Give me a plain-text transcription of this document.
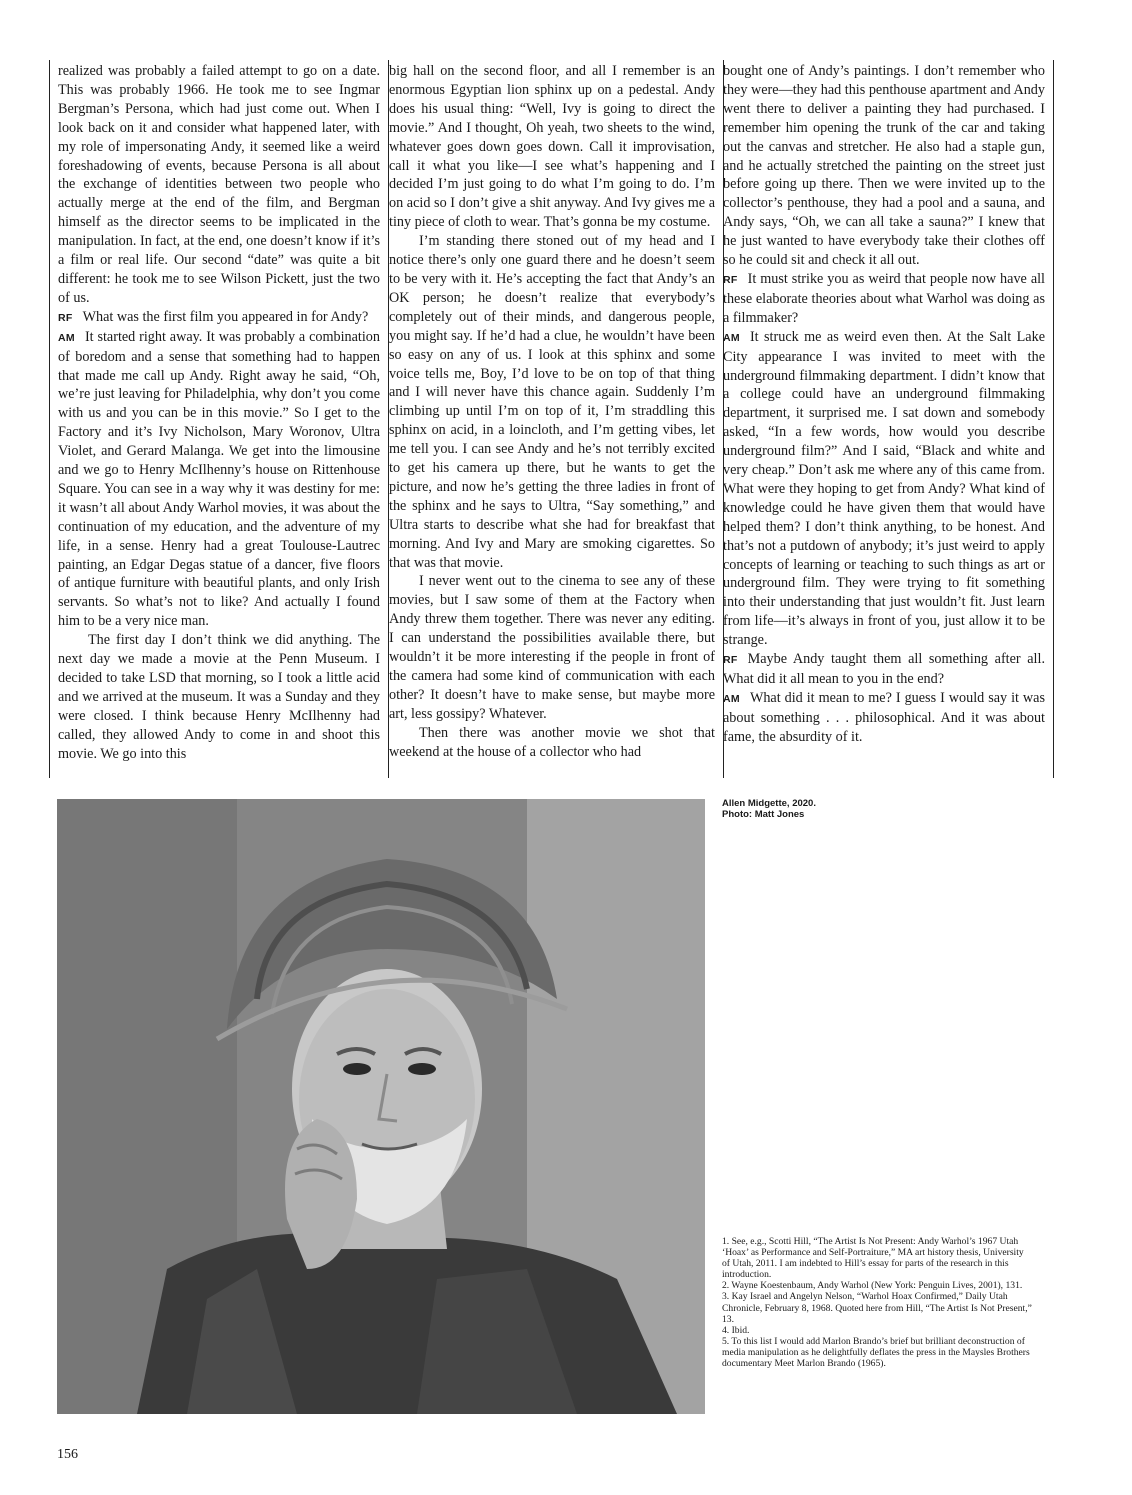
realized was probably a failed attempt to go on a date. This was probably 1966. He took me to see Ingmar Bergman’s Persona, which had just come out. When I look back on it and consider what happened later, with my role of impersonating Andy, it seemed like a weird foreshadowing of events, because Persona is all about the exchange of identities between two people who actually merge at the end of the film, and Bergman himself as the director seems to be implicated in the manipulation. In fact, at the end, one doesn’t know if it’s a film or real life. Our second “date” was quite a bit different: he took me to see Wilson Pickett, just the two of us.

RF What was the first film you appeared in for Andy?

AM It started right away. It was probably a combination of boredom and a sense that something had to happen that made me call up Andy. Right away he said, “Oh, we’re just leaving for Philadelphia, why don’t you come with us and you can be in this movie.” So I get to the Factory and it’s Ivy Nicholson, Mary Woronov, Ultra Violet, and Gerard Malanga. We get into the limousine and we go to Henry McIlhenny’s house on Rittenhouse Square. You can see in a way why it was destiny for me: it wasn’t all about Andy Warhol movies, it was about the continuation of my education, and the adventure of my life, in a sense. Henry had a great Toulouse-Lautrec painting, an Edgar Degas statue of a dancer, five floors of antique furniture with beautiful plants, and only Irish servants. So what’s not to like? And actually I found him to be a very nice man.

The first day I don’t think we did anything. The next day we made a movie at the Penn Museum. I decided to take LSD that morning, so I took a little acid and we arrived at the museum. It was a Sunday and they were closed. I think because Henry McIlhenny had called, they allowed Andy to come in and shoot this movie. We go into this

big hall on the second floor, and all I remember is an enormous Egyptian lion sphinx up on a pedestal. Andy does his usual thing: “Well, Ivy is going to direct the movie.” And I thought, Oh yeah, two sheets to the wind, whatever goes down goes down. Call it improvisation, call it what you like—I see what’s happening and I decided I’m just going to do what I’m going to do. I’m on acid so I don’t give a shit anyway. And Ivy gives me a tiny piece of cloth to wear. That’s gonna be my costume.

I’m standing there stoned out of my head and I notice there’s only one guard there and he doesn’t seem to be very with it. He’s accepting the fact that Andy’s an OK person; he doesn’t realize that everybody’s completely out of their minds, and dangerous people, you might say. If he’d had a clue, he wouldn’t have been so easy on any of us. I look at this sphinx and some voice tells me, Boy, I’d love to be on top of that thing and I will never have this chance again. Suddenly I’m climbing up until I’m on top of it, I’m straddling this sphinx on acid, in a loincloth, and I’m getting vibes, let me tell you. I can see Andy and he’s not terribly excited to get his camera up there, but he wants to get the picture, and now he’s getting the three ladies in front of the sphinx and he says to Ultra, “Say something,” and Ultra starts to describe what she had for breakfast that morning. And Ivy and Mary are smoking cigarettes. So that was that movie.

I never went out to the cinema to see any of these movies, but I saw some of them at the Factory when Andy threw them together. There was never any editing. I can understand the possibilities available there, but wouldn’t it be more interesting if the people in front of the camera had some kind of communication with each other? It doesn’t have to make sense, but maybe more art, less gossipy? Whatever.

Then there was another movie we shot that weekend at the house of a collector who had

bought one of Andy’s paintings. I don’t remember who they were—they had this penthouse apartment and Andy went there to deliver a painting they had purchased. I remember him opening the trunk of the car and taking out the canvas and stretcher. He also had a staple gun, and he actually stretched the painting on the street just before going up there. Then we were invited up to the collector’s penthouse, they had a pool and a sauna, and Andy says, “Oh, we can all take a sauna?” I knew that he just wanted to have everybody take their clothes off so he could sit and check it all out.

RF It must strike you as weird that people now have all these elaborate theories about what Warhol was doing as a filmmaker?

AM It struck me as weird even then. At the Salt Lake City appearance I was invited to meet with the underground filmmaking department. I didn’t know that a college could have an underground filmmaking department, it surprised me. I sat down and somebody asked, “In a few words, how would you describe underground film?” And I said, “Black and white and very cheap.” Don’t ask me where any of this came from. What were they hoping to get from Andy? What kind of knowledge could he have given them that would have helped them? I don’t think anything, to be honest. And that’s not a putdown of anybody; it’s just weird to apply concepts of learning or teaching to such things as art or underground film. They were trying to fit something into their understanding that just wouldn’t fit. Just learn from life—it’s always in front of you, just allow it to be strange.

RF Maybe Andy taught them all something after all. What did it all mean to you in the end?

AM What did it mean to me? I guess I would say it was about something . . . philosophical. And it was about fame, the absurdity of it.

Allen Midgette, 2020.
Photo: Matt Jones
1. See, e.g., Scotti Hill, “The Artist Is Not Present: Andy Warhol’s 1967 Utah ‘Hoax’ as Performance and Self-Portraiture,” MA art history thesis, University of Utah, 2011. I am indebted to Hill’s essay for parts of the research in this introduction.
2. Wayne Koestenbaum, Andy Warhol (New York: Penguin Lives, 2001), 131.
3. Kay Israel and Angelyn Nelson, “Warhol Hoax Confirmed,” Daily Utah Chronicle, February 8, 1968. Quoted here from Hill, “The Artist Is Not Present,” 13.
4. Ibid.
5. To this list I would add Marlon Brando’s brief but brilliant deconstruction of media manipulation as he delightfully deflates the press in the Maysles Brothers documentary Meet Marlon Brando (1965).
156
